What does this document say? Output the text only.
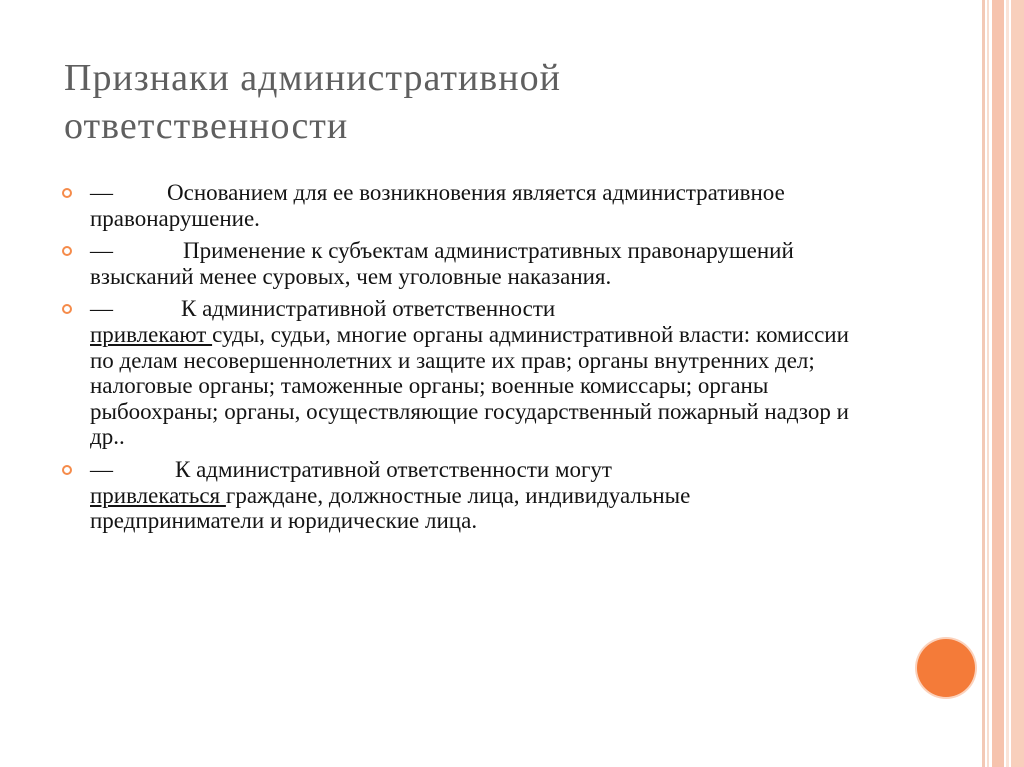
Признаки административной
ответственности
— Основанием для ее возникновения является административное правонарушение.
—	Применение к субъектам административных правонарушений взысканий менее суровых, чем уголовные наказания.
—	К административной ответственности
привлекают суды, судьи, многие органы административной власти: комиссии по делам несовершеннолетних и защите их прав; органы внутренних дел; налоговые органы; таможенные органы; военные комиссары; органы рыбоохраны; органы, осуществляющие государственный пожарный надзор и др..
—	К административной ответственности могут
привлекаться граждане, должностные лица, индивидуальные предприниматели и юридические лица.
